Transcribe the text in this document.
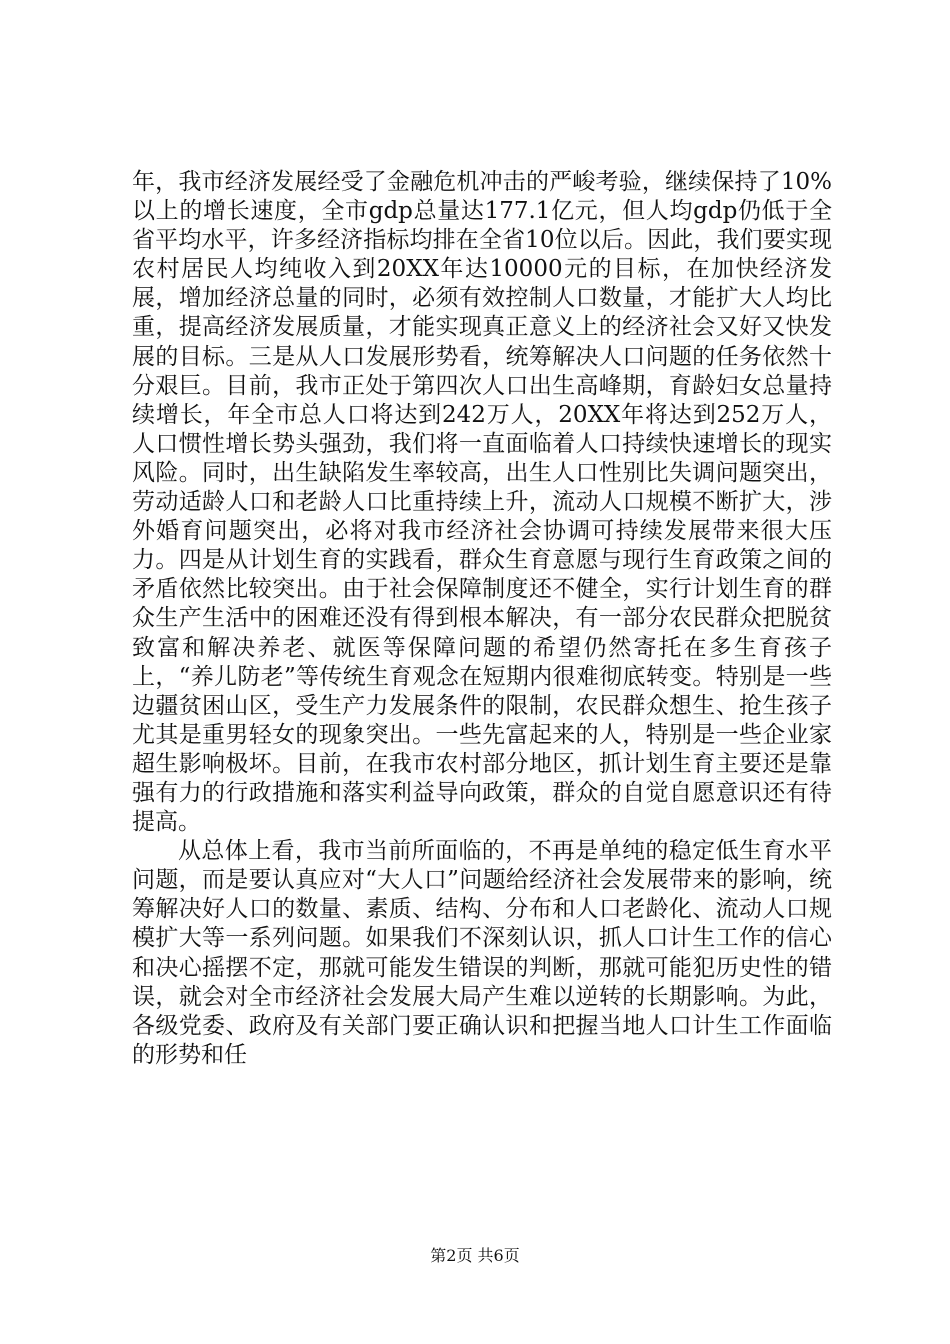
年，我市经济发展经受了金融危机冲击的严峻考验，继续保持了10%以上的增长速度，全市gdp总量达177.1亿元，但人均gdp仍低于全省平均水平，许多经济指标均排在全省10位以后。因此，我们要实现农村居民人均纯收入到20XX年达10000元的目标，在加快经济发展，增加经济总量的同时，必须有效控制人口数量，才能扩大人均比重，提高经济发展质量，才能实现真正意义上的经济社会又好又快发展的目标。三是从人口发展形势看，统筹解决人口问题的任务依然十分艰巨。目前，我市正处于第四次人口出生高峰期，育龄妇女总量持续增长，年全市总人口将达到242万人，20XX年将达到252万人，人口惯性增长势头强劲，我们将一直面临着人口持续快速增长的现实风险。同时，出生缺陷发生率较高，出生人口性别比失调问题突出，劳动适龄人口和老龄人口比重持续上升，流动人口规模不断扩大，涉外婚育问题突出，必将对我市经济社会协调可持续发展带来很大压力。四是从计划生育的实践看，群众生育意愿与现行生育政策之间的矛盾依然比较突出。由于社会保障制度还不健全，实行计划生育的群众生产生活中的困难还没有得到根本解决，有一部分农民群众把脱贫致富和解决养老、就医等保障问题的希望仍然寄托在多生育孩子上，“养儿防老”等传统生育观念在短期内很难彻底转变。特别是一些边疆贫困山区，受生产力发展条件的限制，农民群众想生、抢生孩子尤其是重男轻女的现象突出。一些先富起来的人，特别是一些企业家超生影响极坏。目前，在我市农村部分地区，抓计划生育主要还是靠强有力的行政措施和落实利益导向政策，群众的自觉自愿意识还有待提高。

从总体上看，我市当前所面临的，不再是单纯的稳定低生育水平问题，而是要认真应对“大人口”问题给经济社会发展带来的影响，统筹解决好人口的数量、素质、结构、分布和人口老龄化、流动人口规模扩大等一系列问题。如果我们不深刻认识，抓人口计生工作的信心和决心摇摆不定，那就可能发生错误的判断，那就可能犯历史性的错误，就会对全市经济社会发展大局产生难以逆转的长期影响。为此，各级党委、政府及有关部门要正确认识和把握当地人口计生工作面临的形势和任

第2页 共6页
